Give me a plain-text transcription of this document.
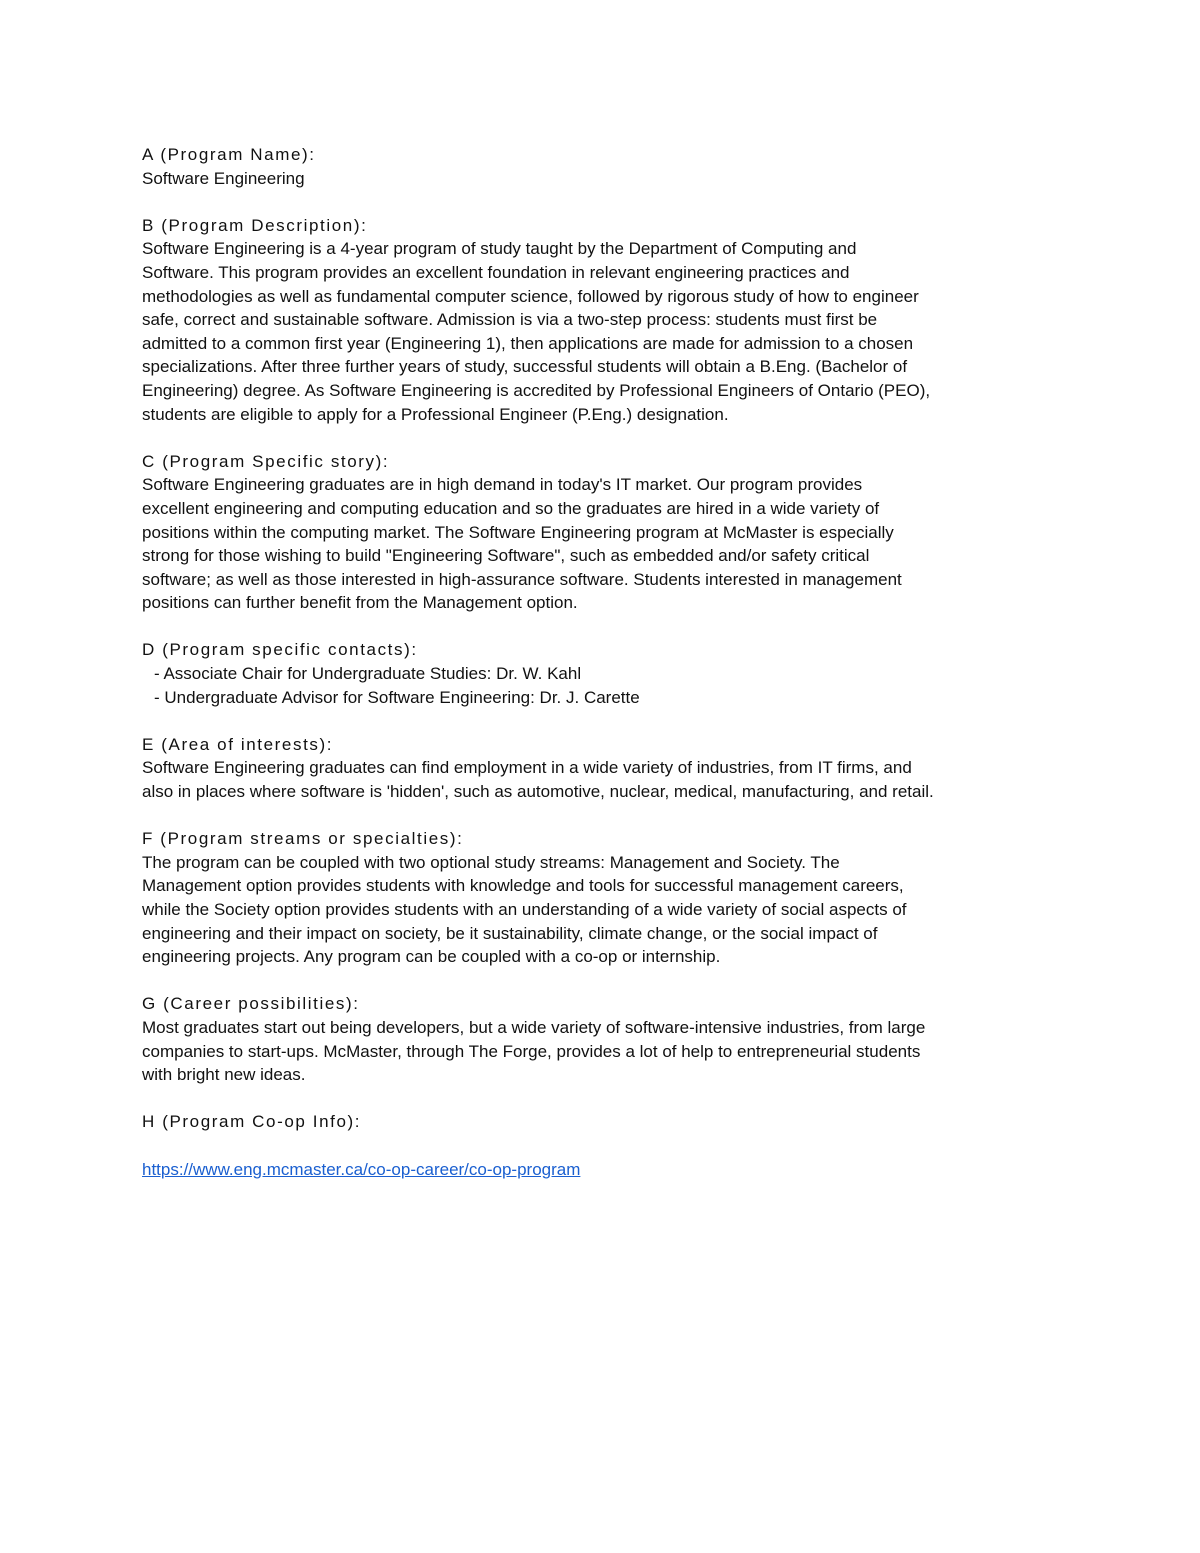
A (Program Name):

Software Engineering

B (Program Description):

Software Engineering is a 4-year program of study taught by the Department of Computing and
Software. This program provides an excellent foundation in relevant engineering practices and
methodologies as well as fundamental computer science, followed by rigorous study of how to engineer
safe, correct and sustainable software. Admission is via a two-step process: students must first be
admitted to a common first year (Engineering 1), then applications are made for admission to a chosen
specializations. After three further years of study, successful students will obtain a B.Eng. (Bachelor of
Engineering) degree. As Software Engineering is accredited by Professional Engineers of Ontario (PEO),
students are eligible to apply for a Professional Engineer (P.Eng.) designation.

C (Program Specific story):

Software Engineering graduates are in high demand in today's IT market. Our program provides
excellent engineering and computing education and so the graduates are hired in a wide variety of
positions within the computing market. The Software Engineering program at McMaster is especially
strong for those wishing to build "Engineering Software", such as embedded and/or safety critical
software; as well as those interested in high-assurance software. Students interested in management
positions can further benefit from the Management option.

D (Program specific contacts):

- Associate Chair for Undergraduate Studies: Dr. W. Kahl
- Undergraduate Advisor for Software Engineering: Dr. J. Carette

E (Area of interests):

Software Engineering graduates can find employment in a wide variety of industries, from IT firms, and
also in places where software is 'hidden', such as automotive, nuclear, medical, manufacturing, and retail.

F (Program streams or specialties):

The program can be coupled with two optional study streams: Management and Society. The
Management option provides students with knowledge and tools for successful management careers,
while the Society option provides students with an understanding of a wide variety of social aspects of
engineering and their impact on society, be it sustainability, climate change, or the social impact of
engineering projects. Any program can be coupled with a co-op or internship.

G (Career possibilities):

Most graduates start out being developers, but a wide variety of software-intensive industries, from large
companies to start-ups. McMaster, through The Forge, provides a lot of help to entrepreneurial students
with bright new ideas.

H (Program Co-op Info):

https://www.eng.mcmaster.ca/co-op-career/co-op-program
